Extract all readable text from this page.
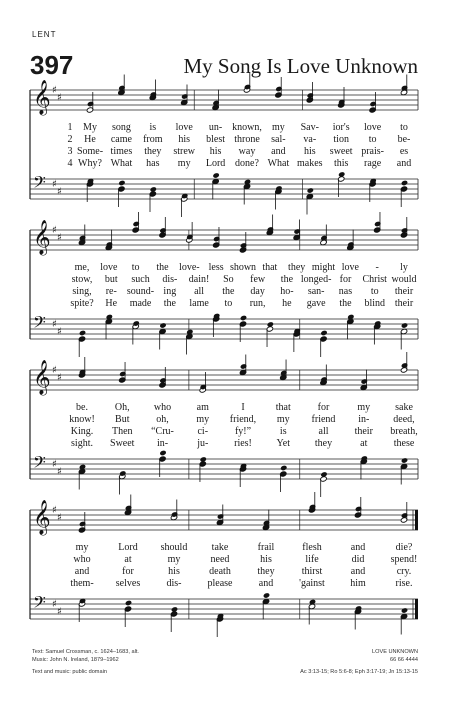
LENT
397	My Song Is Love Unknown
𝄞 ♯
♯
𝄢 ♯
♯
1 My song is love un- known, my Sav- ior's love to
2 He came from his blest throne sal- va- tion to be-
3 Some- times they strew his way and his sweet prais- es
4 Why? What has my Lord done? What makes this rage and
𝄞 ♯
♯
𝄢 ♯
♯
me, love to the love- less shown that they might love - ly
stow, but such dis- dain! So few the longed- for Christ would
sing, re- sound- ing all the day ho- san- nas to their
spite? He made the lame to run, he gave the blind their
𝄞 ♯
♯
𝄢 ♯
♯
be.	Oh, who	am	I	that	for	my sake
know! But	oh,	my friend, my friend in- deed,
King. Then “Cru- ci-	fy!”	is	all	their breath,
sight. Sweet in-	ju-	ries! Yet they	at	these
𝄞 ♯
♯
𝄢 ♯
♯
my	Lord should take	frail	flesh	and	die?
who	at	my	need	his	life	did	spend!
and	for	his	death	they	thirst	and	cry.
them- selves	dis-	please	and	'gainst	him	rise.
Text: Samuel Crossman, c. 1624–1683, alt.
Music: John N. Ireland, 1879–1962
Text and music: public domain
LOVE UNKNOWN
66 66 4444
Ac 3:13-15; Ro 5:6-8; Eph 3:17-19; Jn 15:13-15
